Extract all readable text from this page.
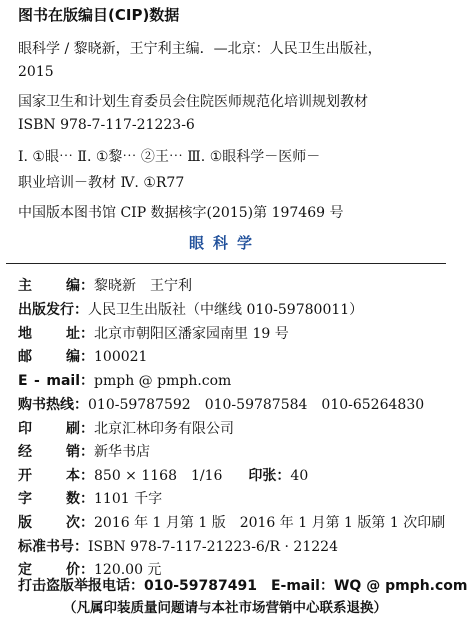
图书在版编目(CIP)数据
眼科学 / 黎晓新，王宁利主编．—北京：人民卫生出版社，
2015
国家卫生和计划生育委员会住院医师规范化培训规划教材
ISBN 978-7-117-21223-6
Ⅰ. ①眼⋯ Ⅱ. ①黎⋯ ②王⋯ Ⅲ. ①眼科学－医师－
职业培训－教材 Ⅳ. ①R77
中国版本图书馆 CIP 数据核字(2015)第 197469 号
眼科学
主　编：黎晓新　王宁利
出版发行：人民卫生出版社（中继线 010-59780011）
地　址：北京市朝阳区潘家园南里 19 号
邮　编：100021
E - mail：pmph @ pmph.com
购书热线：010-59787592　010-59787584　010-65264830
印　刷：北京汇林印务有限公司
经　销：新华书店
开　本：850 × 1168　1/16 印张：40
字　数：1101 千字
版　次：2016 年 1 月第 1 版　2016 年 1 月第 1 版第 1 次印刷
标准书号：ISBN 978-7-117-21223-6/R · 21224
定　价：120.00 元
打击盗版举报电话：010-59787491 E-mail：WQ @ pmph.com
（凡属印装质量问题请与本社市场营销中心联系退换）
